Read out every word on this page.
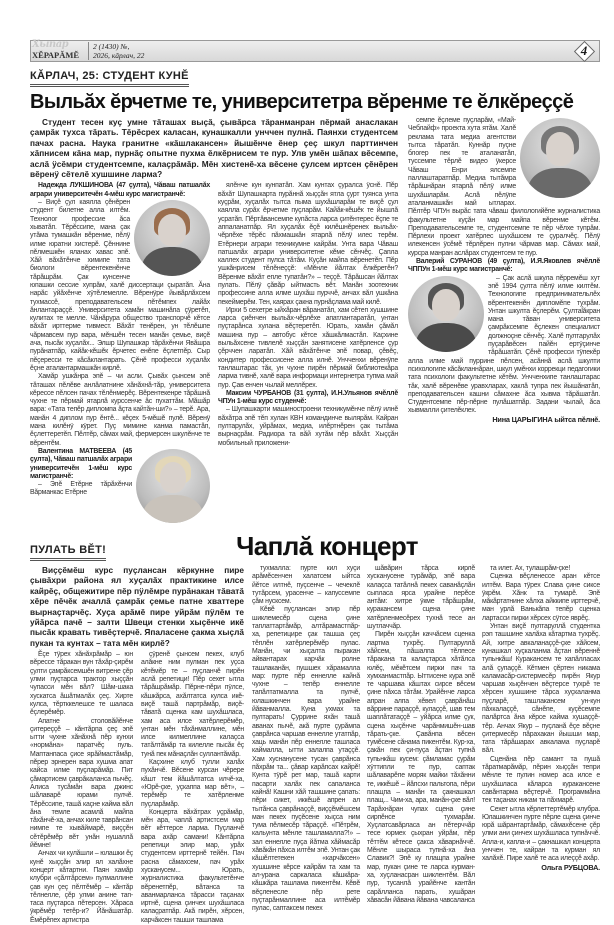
Хыпар
ХĔРАРĂМĔ
2 (1430) №,
2026, кăрлач, 22	4
КĂРЛАЧ, 25: СТУДЕНТ КУНĔ
Выльăх ĕрчетме те, университетра вĕренме те ĕлкĕреççĕ
Студент тесен куç умне тăташах выçă, çывăрса тăранманран пĕрмай анаслакан çамрăк тухса тăрать. Тĕрĕсрех каласан, кунашкалли унччен пулнă. Паянхи студентсем пачах расна. Наука гранитне «кăшлакансен» йышĕнче ĕнер çеç шкул парттинчен хăпнисем кăна мар, пурнăç опытне пухма ĕлкĕрнисем те пур. Улв умĕн шăпах вĕсемпе, аслă ÿсĕмри студентсемпе, калаçрăмăр. Мĕн хистенĕ-ха вĕсене çулсем иртсен çĕнĕрен вĕренÿ сĕтелĕ хушшине ларма?

Надежда ЛУКШИНОВА (47 çулта), Чăваш патшалăх аграри университечĕн 4-мĕш курс магистранчĕ:

– Виçĕ çул каялла çĕнĕрен студент билетне алла илтĕм. Технолог профессие ăса хыватăп. Тĕрĕссипе, мана çак утăма тумашкăн вĕренме, пĕлÿ илме юратни хистерĕ. Çĕннине пĕлмешкĕн яланах хавас эпĕ. Хăй вăхăтĕнче химипе тата биологи вĕрентекенĕнче тăрăшрăм. Çак кунсенче юпашки сессие хупрăм, халĕ диссертаци çыратăп. Ăна нарăс уйăхĕнче хÿтĕлемелле. Вĕренÿре йывăрлăхсем тухмассĕ, преподавательсем пĕтĕмпех лайăх ăнлантараççĕ. Университета хамăн машинăпа çÿретĕп, кулитах те мелле. Чăнăрура общество транспорчĕ кĕтсе вăхăт ирттерме тивмест. Вăхăт тенĕрен, ун тĕлĕшпе чăрмавсем пур вара, мĕншĕн тесен манăн çемье, виçĕ ача, пысăк хуçалăх... Элшр Шупашкар тăрăхĕнчи Явăшра пурăнатпăр, кайăк-кĕшĕк ĕрчетес енĕпе ĕçлетпĕр. Сыр пĕçересси те кăсăклантарать. Çĕнĕ професси хуçалăх ĕçне аталантармашкăн кирлĕ.

Хамăр ушкăнра эпĕ – чи асли. Çывăх çынсем эпĕ тăташах пĕлĕве анлăлатнине хăнăхнă-тăр, университета кĕрессе пĕлсен пачах тĕлĕнмерĕç. Вĕрентекенре тăрăшнă чухне те пĕрмай ятарлă курссенче ăс пухаттăм. Мăшăр вара: «Тата тепĕр дипломпа ăçта кайтăн-ши?» – терĕ. Ара, манăн 4 диплом пур ĕнтĕ... кĕçех 5-мĕшĕ пулĕ. Вĕренÿ мана килĕнÿ кÿрет. Пуç мимине канма памастăп, ĕçлеттеретĕп. Пĕлтĕр, сăмах май, фермерсен шкулĕнче те вĕрентĕм.

Валентина МАТВЕЕВА (45 çулта), Чăваш патшалăх аграри университечĕн 1-мĕш курс магистранчĕ:

– Эпĕ Етĕрне тăрăхĕнчи Вăрманкас Етĕрне

ялĕнче кун кунпатăп. Хам кунтах çуралса ÿснĕ. Пĕр вăхăт Шупашкарта пурăннă хыççăн ятла çурт туянса унта куçрăм, хуçалăх тытса пыма шухăшларăм те виçĕ çул каялла сурăх ĕрчетме пуçларăм. Кайăк-кĕшĕк те йышлă усратăп. Пĕртăвансемпе купăста ларса çитĕнтерес ĕçпе те аппаланатпăр. Ял хуçалăх ĕçĕ килĕшнĕренех выльăх-чĕрлĕхе тĕрĕс пăхмашкăн ятарлă пĕлÿ илес терĕм. Етĕрнери аграри техникумне кайрăм. Унта вара Чăваш патшалăх аграри университетне кĕме сĕнчĕç. Çапла каллех студент пулса тăтăм. Куçăн майпа вĕренетĕп. Пĕр ушкăнрисем тĕлĕнеççĕ: «Мĕнле йăлтах ĕлкĕретĕн? Вĕренме вăхăт епле тупатăн?» – теççĕ. Тăрăшсан йăлтах пулать. Пĕлÿ çăвăр ыйтмасть вĕт. Манăн зоотехник профессине алла илме шухăш пурччĕ, анчах вăл ушкăна пекеймерĕм. Тен, каярах çакна пурнăçлама май килĕ.

Ирхи 5 сехетре ыйхăран вăранатăп, хам сĕтеп хушшине ларса çиĕнчен выльăх-чĕрлĕхе апатлантаратăп, унтан пуçтарăнса хулана вĕçтеретĕп. Юрать, хамăн çăмăл машина пур – автобус кĕтсе хăшкăлмастăп. Каçхине выльăхсене тивлелĕ хыççăн занятисене хатĕрленсе çур çĕрччен ларатăп. Хăй вăхăтĕнче эпĕ повар, çĕвĕç, кондитер профессисене алла илнĕ. Унчченхи вĕренÿпе танлаштарас тăк, ун чухне пирĕн пĕрмай библиотекăра ларма тивнĕ, халĕ вара информаци интернетра тупма май пур. Çав енчен чылай меллĕрех.

Максим ЧУРБАНОВ (31 çулта), И.Н.Ульянов ячĕллĕ ЧПУн 1-мĕш курс студенчĕ:

– Шупашкарти машиностроени техникумĕнче пĕлÿ илнĕ вăхăтра эпĕ тĕп хулан КВН командинче вылярăм. Кайран пултарулăх, уйрăмах, медиа, илĕртнĕрен çак тытăма вырнаçрăм. Радиора та вăй хутăм пĕр вăхăт. Хыççăн мобильный приложени-

семпе ĕçлеме пуçларăм, «Май-Чеблайф» проекта хута ятăм. Халĕ реклама тата медиа агентстви тытса тăратăп. Куннăр пуçне блогер пек те аталанатăп, туссемпе тĕрлĕ видео ÿкерсе Чăваш Енри ялсемпе паллаштаратпăр. Медиа тытăмра тăрăшнăран ятарлă пĕлÿ илме шухăшларăм. Аслă пĕлÿпе аталанмашкăн май ытларах. Пĕлтĕр ЧПУн вырăс тата чăваш филологийĕпе журналистика факультетне куçăн мар майпа вĕренме кĕтĕм. Преподавательсемпе те, студентсемпе те пĕр чĕлхе тупрăм. Пĕрлехи проект хатĕрлес шухăшсем те çуралчĕç. Пĕлÿ илекенсен ÿсĕмĕ тĕрлĕрен пулни чăрмав мар. Сăмах май, курсра манран аслăрах студентсем те пур.

Валерий СУРАНОВ (49 çулта), И.Я.Яковлев ячĕллĕ ЧППУн 1-мĕш курс магистранчĕ:

– Çак аслă шкула пĕрремĕш хут эпĕ 1994 çулта пĕлÿ илме килтĕм. Технологипе предпринимательлĕх вĕрентекенĕн дипломĕпе тухрăм. Унтан шкулта ĕçлерĕм. Çултаĺăкран мана тăван университета çамрăксемпе ĕçлекен специалист должноçне сĕнчĕç. Халĕ пултарулăх пуçарăвĕсен пайĕн ертÿçинче тăрăшатăп. Çĕнĕ професси тÿпекĕр алла илме май пуррине пĕлсен, асăннă аслă шкулти психологипе кăсăкланнăран, шкул умĕнхи коррекци педагогики тата психологи факультетне кĕтĕм. Унчченхипе танлаштарас тăк, халĕ вĕренĕве уравхларах, хаклă тупра пек йышăнатăп, преподавательсен кашни сăмахне ăса хывма тăрăшатăп. Студентсемпе пĕр-пĕрне пулăшатпăр. Задани чылай, ăса хывмалли çителĕклех.

Нина ЦАРЫГИНА ыйтса пĕлнĕ.

ПУЛАТЬ ВĔТ!	Чаплă концерт
Виççĕмĕш курс пуçлансан кĕркунне пире çывăхри района ял хуçалăх практикине илсе кайрĕç, общежитире пĕр пÿлĕмре пурăнакан тăватă хĕре пĕчĕк ачаллă çамрăк çемье патне хваттере вырнаçтарчĕç. Хуçа арăмĕ пире уйрăм пÿлĕм те уйăрса пачĕ – залти Швеци стенки хыçĕнче икĕ пысăк кравать тивĕçтерчĕ. Япаласене çакма хыçлă пукан та кунтах – тата мĕн кирлĕ?

Ĕçе тÿрех хăнăхрăмăр – юн вĕрессе тăракан вун тăхăр-çирĕм çулти çамрăксемшĕн витрене çĕр улми пуçтарса трактор хыççăн чупасси мĕн вăл? Шăм-шака хускатса ăшăтмалăх çеç. Хирте кулса, тĕртккелешсе те шаласа ĕçлерĕмĕр.

Апатне столовăйĕнче çитереççĕ – кăнтăрпа çеç эпĕ ытти чухне хăнăхнă пĕр кунхи «нормăна» паратчĕç пуль. Маптанпаса çисе ярăймастăмăр, пĕрер эрнерен вара хушма апат кайса илме пуçларăмăр. Пит çăмартисем çаврăкаланса пычĕç. Алиса тусăмăн вара джинс шăлаварĕ юрами пулчĕ. Тĕрĕссипе, ташă каçне кайма вăл ăна темле асамлă майпа тăхăнчĕ-ха, анчах киле таврăнсан нимпе те хывăймарĕ, виççĕн сĕтĕрĕмĕр вĕт унăн нушаллă йĕмне!

Анчах чи кулăшли – юлашки ĕç кунĕ хыççăн элир ял халăхне концерт кăтартни. Паян хамăр клубри «çăлтăрсем» пулмаллине çав кун çеç пĕлтĕмĕр – кăнтăр тĕлнелле, çĕр улми анине тап-таса пуçтарса пĕтерсен. Хăраса ÿкрĕмĕр тетĕр-и? Йăнăшатăр. Ĕмĕрĕпех артистра

çÿренĕ çынсем пекех, клуб алăкне ним пулман пек уçса кĕтĕмĕр те – пуçланчĕ пирĕн аслă репетици! Пĕр сехет ытла тăрăшрăмăр. Пĕрне-пĕри пÿлсе, кăшкăрса, ахăлтатса кулса икĕ-виçĕ ташă партрăмăр, виçĕ-тăватă сценка кам шухăшласа, хам аса илсе хатĕрлерĕмĕр, унтан мĕн тăхăнмаллине, мĕн илсе килмеллине калаçса татăлтăмăр та килелле пысăк ĕç тунă пек мăнаçлăн суллантăмăр.

Каçхине клуб тулли халăх пухăнчĕ. Вĕсене курсан чĕрере кăшт тем йăшăлтатса илчĕ-ха, «Юрĕ-çке, уçкаппа мар вĕт», – терĕмĕр те хатĕрленме пуçларăмăр.

Концерта вăхăтрах уçрăмăр, мĕн ара, чаплă артистсем мар вĕт кĕттерсе ларма. Пуçланчĕ вара ахăр самани! Кăнтăрла репетици элир мар, урăх студентсем ирттернĕ тейĕн. Пач расна сăмахсем, пач урăх хусканусем... Юрать, журналистика факультетĕнче вĕренетпĕр, вăтанса та аванмарланса тăрасси таçанах иртнĕ, сцена çинчех шухăшласа калаçратпăр. Акă пирĕн, хĕрсен, карчăксен ташши ташлама

тухмалла: пурте кил хуçи арăмĕсенчен халатсем ыйтса йĕтсе илтнĕ, пуçсенче – чечеклĕ тутăрсем, урасенче – капуссемпе çăм нусксем.

Кĕвĕ пуçлансан элир пĕр шиклемесĕр сцена çине таплаттартăмăр, алтăрамастпăр-ха, репетицире çак ташша çеç тĕплĕн хатĕрлерĕмĕр пулас. Манăн, чи хыçалта пыракан айвантарах карчăк ролне ташлаканăн, пушшех хăрамалла мар: пурте пĕр еннелле кайнă чухне – тепĕр еннелле тапăлтатмалла та пулчĕ, юлашкинчен вара урайне йăванмалла. Куна ухмах та пултарать! Çуррине яхăн ташă аванах пычĕ, акă пурте çурăмпа çаврăнса чаршав еннелле утатпăр, хаць манăн пĕр еннелле ташласа каймалла, ытти залалпа утаççĕ. Хам хуснанусене тусан çаврăнса пăхрăм та... çăвар карăпсах кайрĕ! Кунта тÿрĕ рет мар, ташă карти пасарти халăх пек сапаланса кайнă! Кашни хăй ташшине çапать: пĕри сикет, иккĕшĕ апрен ал тытăнса çаврăнаççĕ, виççĕмĕшсем ман пекех пуçĕсене хыçса ним тума пĕлмесĕр тăраççĕ. «Пĕтрĕм, кальунта мĕнле ташламалла?!» – зал еннелле пуçа йăтма хăймасăр хăвăкăн пăхса илтĕм эпĕ. Унтан çак кăшĕлтетекен «карчăксен» хушшине кĕрсе кайрăм та хам та ал-урана саркаласа кăшкăра-кăшкăра ташлама пикентĕм. Кĕвĕ вĕçленесле пĕр рете пуçтарăнмаллине аса илтĕмĕр пулас, саптаксем пекех

шăвăрин тăрса кирлĕ хусканусене турăмăр, эпĕ вара калаçса татăлнă пекех саванăçлăн сыпласа ярса урайне перĕсе антăм: хитре ÿкме тăрăшрăм, куракансем сцена çине хатĕрленмесĕрех тухнă тесе ан шутлаччăр.

Пирĕн хыççăн каччăсем сценка лартма тухрĕç. Пултаруллă хăйсем, пăшалпа тĕлпесе тăракана та калаçтарса хăтăлса юлĕç, мĕкĕтсем пирки пач та хумханмастпăр. Ыттисене кура эпĕ те чаршава кăштах сирсе вĕсем çине пăхса тăтăм. Урайĕнче ларса апран алпа хĕвел çаврăнăш вăррине параççĕ, кулаççĕ, шав тем шаплăтатаççĕ – уйăрса илме çук, сцена хыçĕнче чарăнмишĕн-шав тăрать-çке. Çавăнпа вĕсен тумĕсене сăнама пикентĕм. Кур-ха, çакăн пек çи-пуçа ăçтан тупнă тупьнкăш кусем: çăмламас çурăм хÿттипли те пур, саптак шăлаварĕпе моряк майки тăхăнни те, иккĕшĕ – йăпсхи пальтопа, пĕри плащпа – манăн та çакнашкал плащ... Чим-ха, ара, манăн-çке вăл! Тарăхнăран чупах сцена çине сирпĕнсе тухмарăм. Хуçлатсавăрласа ан пĕтерччăр тесе юрмех çыхран уйрăм, пĕр тĕттĕм кĕтесе çакса хăварнăччĕ. Мĕнле шыраса тупнă-ха ăна Славик?! Эпĕ ку плащпа урайне мар, пукан çине те ларса курман-ха, хуçланасран шиклентĕм. Вăл пур, тусанлă урайĕнче кантăн сарăлланса парать, хушăран хăвасăн йăвана йăвана чавсаланса

та илет. Ах, тулашрăм-çке!

Сценка вĕçленессе аран кĕтсе илтĕм. Вара тÿрех Слава çине сиксе ÿкрĕм. Хăнк та тумарĕ. Эпĕ мăкăртатнине хăлха айккипе ирттерчĕ, ман урлă Ванькăпа тепĕр сценка лартасси пирки хĕрсех сÿтсе яврĕç.

Унтан виçĕ пултаруллă студентка рэп ташшине халăха кăтартма тухрĕç. Ай, хитре авкаланаççĕ-çке хăйсем, кунашкал хуçкаланма ăçтан вĕреннĕ тупьнкăш! Куракансем те хапăлласах алă çупаççĕ. Кĕтмен çĕртен никама каламасăр-систермесĕр пирĕн Якур чаршав хыçĕнчен вĕçтерсе тухрĕ те хĕрсен хушшине тăрса хуçкаланма пуçларĕ, ташлакансем ун-кун пăхкалаççĕ, сăнĕпе, куçĕсемпе палăртса ăна кĕрсе кайма хушаççĕ-тĕр. Анчах Якур – пуçланă ĕçе вĕçне çитермесĕр пăрахакан йышши мар, тата тăрăшарах авкалама пуçларĕ вăл.

Сценăна пĕр самант та пушă тăратмарăмăр, пĕрин хыççăн тепри мĕнле те пулин номер аса илсе е шухăшласа кăларса куракансене савăнтарма вĕçтерчĕ. Программăна тек таçанах никам та пăхмарĕ.

Сехет ытла кĕрлеттертĕмĕр клубра. Юлашкинчен пурте пĕрле сцена çинче юрă шăрантартăмăр, сăмахĕсене çĕр улми ани çинчех шухăшласа тупнăччĕ. Апла-и, капла-и – çакнашкал концерта унччен те, кайран та курман ял халăхĕ. Пире халĕ те аса илеççĕ ахăр.

Ольга РУБЦОВА.
